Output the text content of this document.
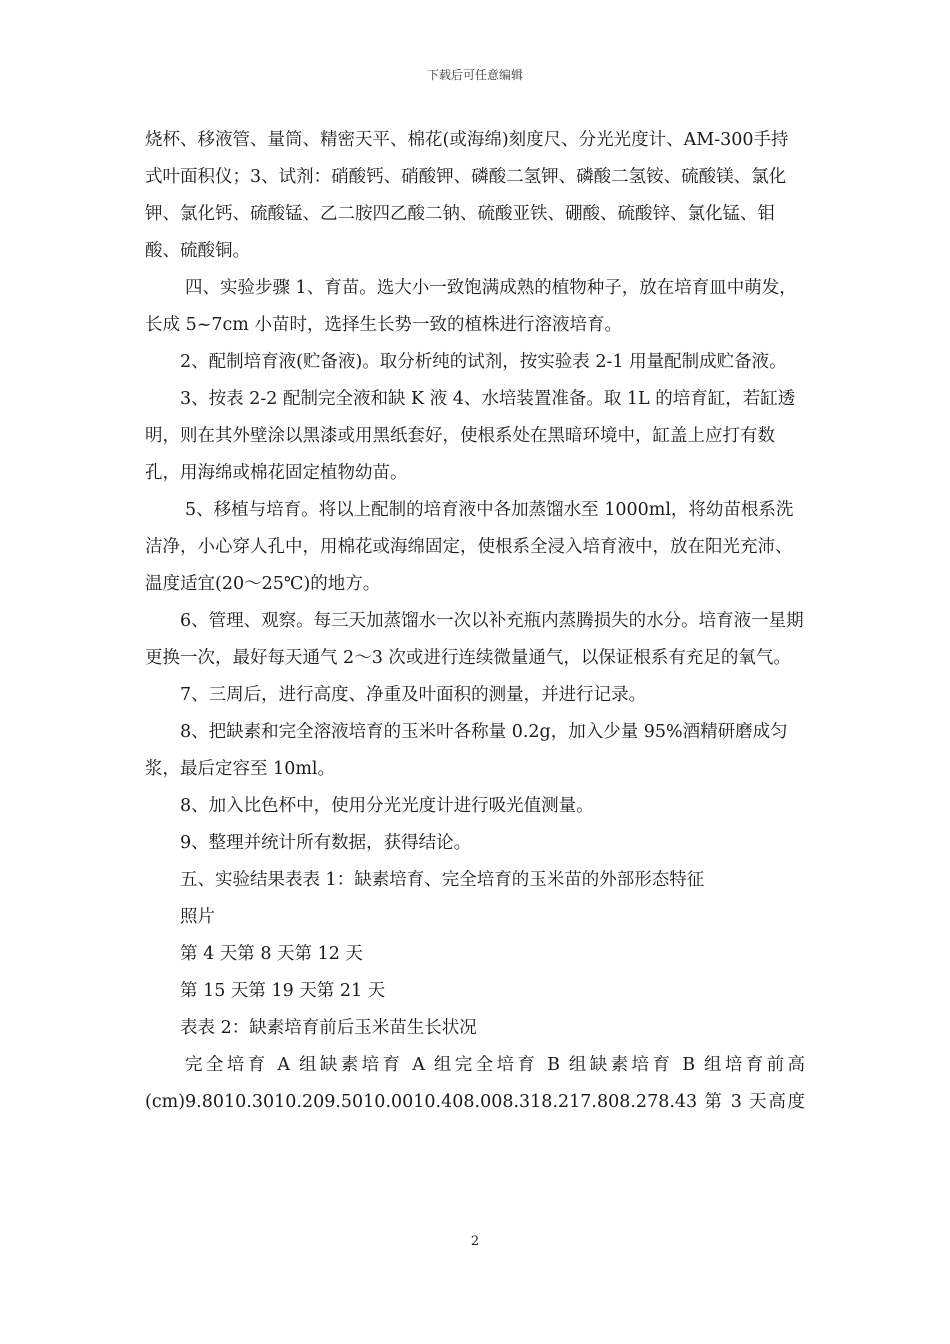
下载后可任意编辑

烧杯、移液管、量筒、精密天平、棉花(或海绵)刻度尺、分光光度计、AM-300手持式叶面积仪；3、试剂：硝酸钙、硝酸钾、磷酸二氢钾、磷酸二氢铵、硫酸镁、氯化钾、氯化钙、硫酸锰、乙二胺四乙酸二钠、硫酸亚铁、硼酸、硫酸锌、氯化锰、钼酸、硫酸铜。

四、实验步骤 1、育苗。选大小一致饱满成熟的植物种子，放在培育皿中萌发，长成 5~7cm 小苗时，选择生长势一致的植株进行溶液培育。

2、配制培育液(贮备液)。取分析纯的试剂，按实验表 2-1 用量配制成贮备液。

3、按表 2-2 配制完全液和缺 K 液 4、水培装置准备。取 1L 的培育缸，若缸透明，则在其外壁涂以黑漆或用黑纸套好，使根系处在黑暗环境中，缸盖上应打有数孔，用海绵或棉花固定植物幼苗。

5、移植与培育。将以上配制的培育液中各加蒸馏水至 1000ml，将幼苗根系洗洁净，小心穿人孔中，用棉花或海绵固定，使根系全浸入培育液中，放在阳光充沛、温度适宜(20～25℃)的地方。

6、管理、观察。每三天加蒸馏水一次以补充瓶内蒸腾损失的水分。培育液一星期更换一次，最好每天通气 2～3 次或进行连续微量通气，以保证根系有充足的氧气。

7、三周后，进行高度、净重及叶面积的测量，并进行记录。

8、把缺素和完全溶液培育的玉米叶各称量 0.2g，加入少量 95%酒精研磨成匀浆，最后定容至 10ml。

8、加入比色杯中，使用分光光度计进行吸光值测量。

9、整理并统计所有数据，获得结论。

五、实验结果表表 1：缺素培育、完全培育的玉米苗的外部形态特征

照片

第 4 天第 8 天第 12 天

第 15 天第 19 天第 21 天

表表 2：缺素培育前后玉米苗生长状况

完全培育 A 组缺素培育 A 组完全培育 B 组缺素培育 B 组培育前高

(cm)9.8010.3010.209.5010.0010.408.008.318.217.808.278.43 第 3 天高度

2
